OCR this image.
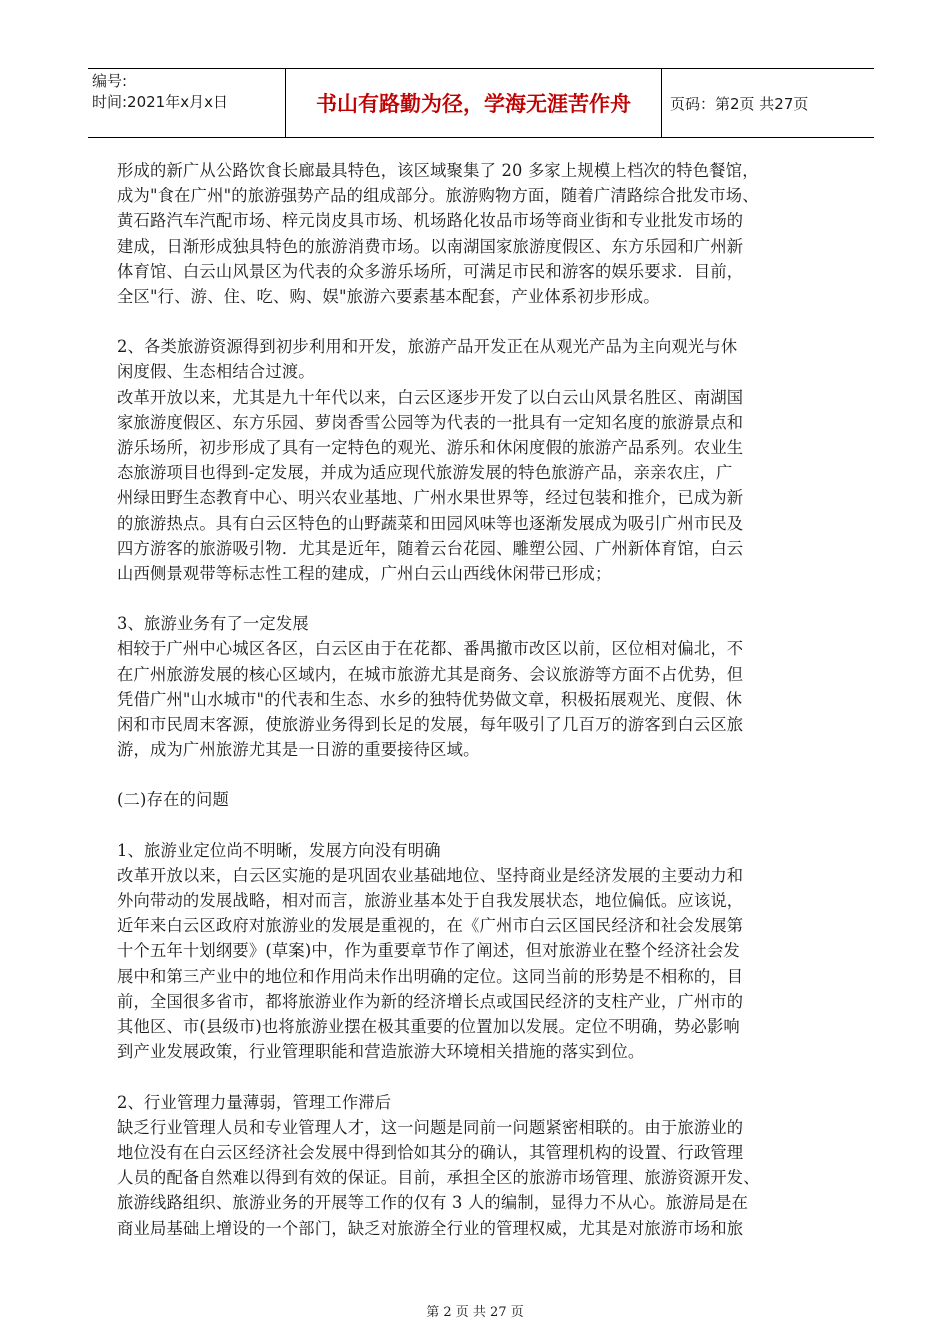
编号:
时间:2021年x月x日	书山有路勤为径，学海无涯苦作舟	页码：第2页 共27页

形成的新广从公路饮食长廊最具特色，该区域聚集了 20 多家上规模上档次的特色餐馆，

成为"食在广州"的旅游强势产品的组成部分。旅游购物方面，随着广清路综合批发市场、

黄石路汽车汽配市场、梓元岗皮具市场、机场路化妆品市场等商业街和专业批发市场的

建成，日渐形成独具特色的旅游消费市场。以南湖国家旅游度假区、东方乐园和广州新

体育馆、白云山风景区为代表的众多游乐场所，可满足市民和游客的娱乐要求．目前，

全区"行、游、住、吃、购、娱"旅游六要素基本配套，产业体系初步形成。

2、各类旅游资源得到初步利用和开发，旅游产品开发正在从观光产品为主向观光与休

闲度假、生态相结合过渡。

改革开放以来，尤其是九十年代以来，白云区逐步开发了以白云山风景名胜区、南湖国

家旅游度假区、东方乐园、萝岗香雪公园等为代表的一批具有一定知名度的旅游景点和

游乐场所，初步形成了具有一定特色的观光、游乐和休闲度假的旅游产品系列。农业生

态旅游项目也得到-定发展，并成为适应现代旅游发展的特色旅游产品，亲亲农庄，广

州绿田野生态教育中心、明兴农业基地、广州水果世界等，经过包装和推介，已成为新

的旅游热点。具有白云区特色的山野蔬菜和田园风味等也逐渐发展成为吸引广州市民及

四方游客的旅游吸引物．尤其是近年，随着云台花园、雕塑公园、广州新体育馆，白云

山西侧景观带等标志性工程的建成，广州白云山西线休闲带已形成；

3、旅游业务有了一定发展

相较于广州中心城区各区，白云区由于在花都、番禺撤市改区以前，区位相对偏北，不

在广州旅游发展的核心区域内，在城市旅游尤其是商务、会议旅游等方面不占优势，但

凭借广州"山水城市"的代表和生态、水乡的独特优势做文章，积极拓展观光、度假、休

闲和市民周末客源，使旅游业务得到长足的发展，每年吸引了几百万的游客到白云区旅

游，成为广州旅游尤其是一日游的重要接待区域。

(二)存在的问题

1、旅游业定位尚不明晰，发展方向没有明确

改革开放以来，白云区实施的是巩固农业基础地位、坚持商业是经济发展的主要动力和

外向带动的发展战略，相对而言，旅游业基本处于自我发展状态，地位偏低。应该说，

近年来白云区政府对旅游业的发展是重视的，在《广州市白云区国民经济和社会发展第

十个五年十划纲要》(草案)中，作为重要章节作了阐述，但对旅游业在整个经济社会发

展中和第三产业中的地位和作用尚未作出明确的定位。这同当前的形势是不相称的，目

前，全国很多省市，都将旅游业作为新的经济增长点或国民经济的支柱产业，广州市的

其他区、市(县级市)也将旅游业摆在极其重要的位置加以发展。定位不明确，势必影响

到产业发展政策，行业管理职能和营造旅游大环境相关措施的落实到位。

2、行业管理力量薄弱，管理工作滞后

缺乏行业管理人员和专业管理人才，这一问题是同前一问题紧密相联的。由于旅游业的

地位没有在白云区经济社会发展中得到恰如其分的确认，其管理机构的设置、行政管理

人员的配备自然难以得到有效的保证。目前，承担全区的旅游市场管理、旅游资源开发、

旅游线路组织、旅游业务的开展等工作的仅有 3 人的编制，显得力不从心。旅游局是在

商业局基础上增设的一个部门，缺乏对旅游全行业的管理权威，尤其是对旅游市场和旅

第 2 页 共 27 页
